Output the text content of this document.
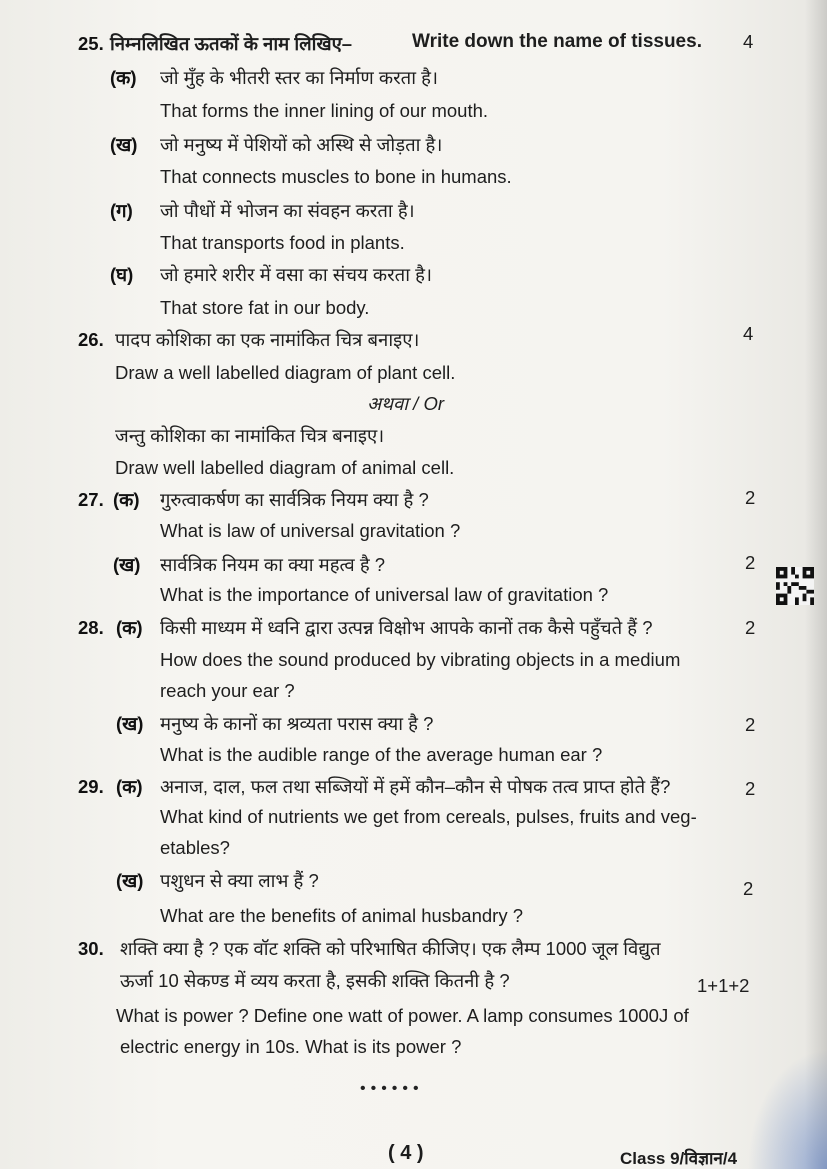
25. निम्नलिखित ऊतकों के नाम लिखिए–	Write down the name of tissues. 4
(क) जो मुँह के भीतरी स्तर का निर्माण करता है।
That forms the inner lining of our mouth.
(ख) जो मनुष्य में पेशियों को अस्थि से जोड़ता है।
That connects muscles to bone in humans.
(ग) जो पौधों में भोजन का संवहन करता है।
That transports food in plants.
(घ) जो हमारे शरीर में वसा का संचय करता है।
That store fat in our body.
26. पादप कोशिका का एक नामांकित चित्र बनाइए।	4
Draw a well labelled diagram of plant cell.
अथवा / Or
जन्तु कोशिका का नामांकित चित्र बनाइए।
Draw well labelled diagram of animal cell.
27. (क) गुरुत्वाकर्षण का सार्वत्रिक नियम क्या है ?	2
What is law of universal gravitation ?
(ख) सार्वत्रिक नियम का क्या महत्व है ?	2
What is the importance of universal law of gravitation ?
28. (क) किसी माध्यम में ध्वनि द्वारा उत्पन्न विक्षोभ आपके कानों तक कैसे पहुँचते हैं ?	2
How does the sound produced by vibrating objects in a medium
reach your ear ?
(ख) मनुष्य के कानों का श्रव्यता परास क्या है ?	2
What is the audible range of the average human ear ?
29. (क) अनाज, दाल, फल तथा सब्जियों में हमें कौन–कौन से पोषक तत्व प्राप्त होते हैं?	2
What kind of nutrients we get from cereals, pulses, fruits and veg-
etables?
(ख) पशुधन से क्या लाभ हैं ?	2
What are the benefits of animal husbandry ?
30. शक्ति क्या है ? एक वॉट शक्ति को परिभाषित कीजिए। एक लैम्प 1000 जूल विद्युत
ऊर्जा 10 सेकण्ड में व्यय करता है, इसकी शक्ति कितनी है ?	1+1+2
What is power ? Define one watt of power. A lamp consumes 1000J of
electric energy in 10s. What is its power ?
••••••
( 4 )	Class 9/विज्ञान/4
